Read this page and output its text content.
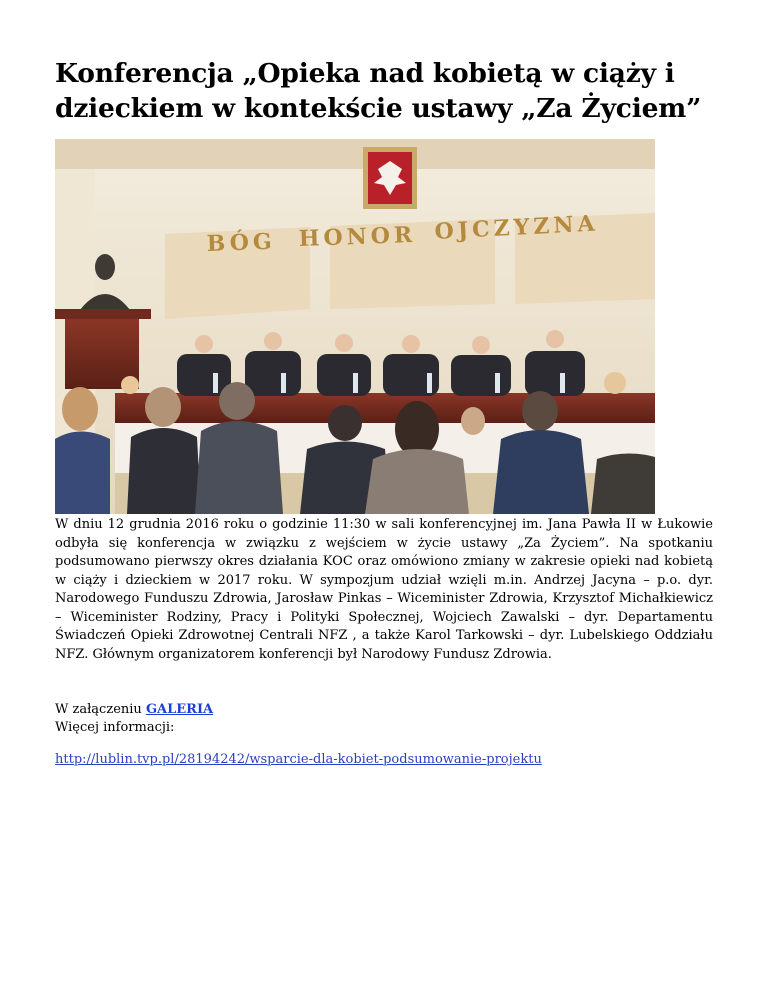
Konferencja „Opieka nad kobietą w ciąży i dzieckiem w kontekście ustawy „Za Życiem”
BÓG HONOR OJCZYZNA
W dniu 12 grudnia 2016 roku o godzinie 11:30 w sali konferencyjnej im. Jana Pawła II w Łukowie odbyła się konferencja w związku z wejściem w życie ustawy „Za Życiem”. Na spotkaniu podsumowano pierwszy okres działania KOC oraz omówiono zmiany w zakresie opieki nad kobietą w ciąży i dzieckiem w 2017 roku. W sympozjum udział wzięli m.in. Andrzej Jacyna – p.o. dyr. Narodowego Funduszu Zdrowia, Jarosław Pinkas – Wiceminister Zdrowia, Krzysztof Michałkiewicz – Wiceminister Rodziny, Pracy i Polityki Społecznej, Wojciech Zawalski – dyr. Departamentu Świadczeń Opieki Zdrowotnej Centrali NFZ , a także Karol Tarkowski – dyr. Lubelskiego Oddziału NFZ. Głównym organizatorem konferencji był Narodowy Fundusz Zdrowia.

W załączeniu GALERIA

Więcej informacji:

http://lublin.tvp.pl/28194242/wsparcie-dla-kobiet-podsumowanie-projektu
